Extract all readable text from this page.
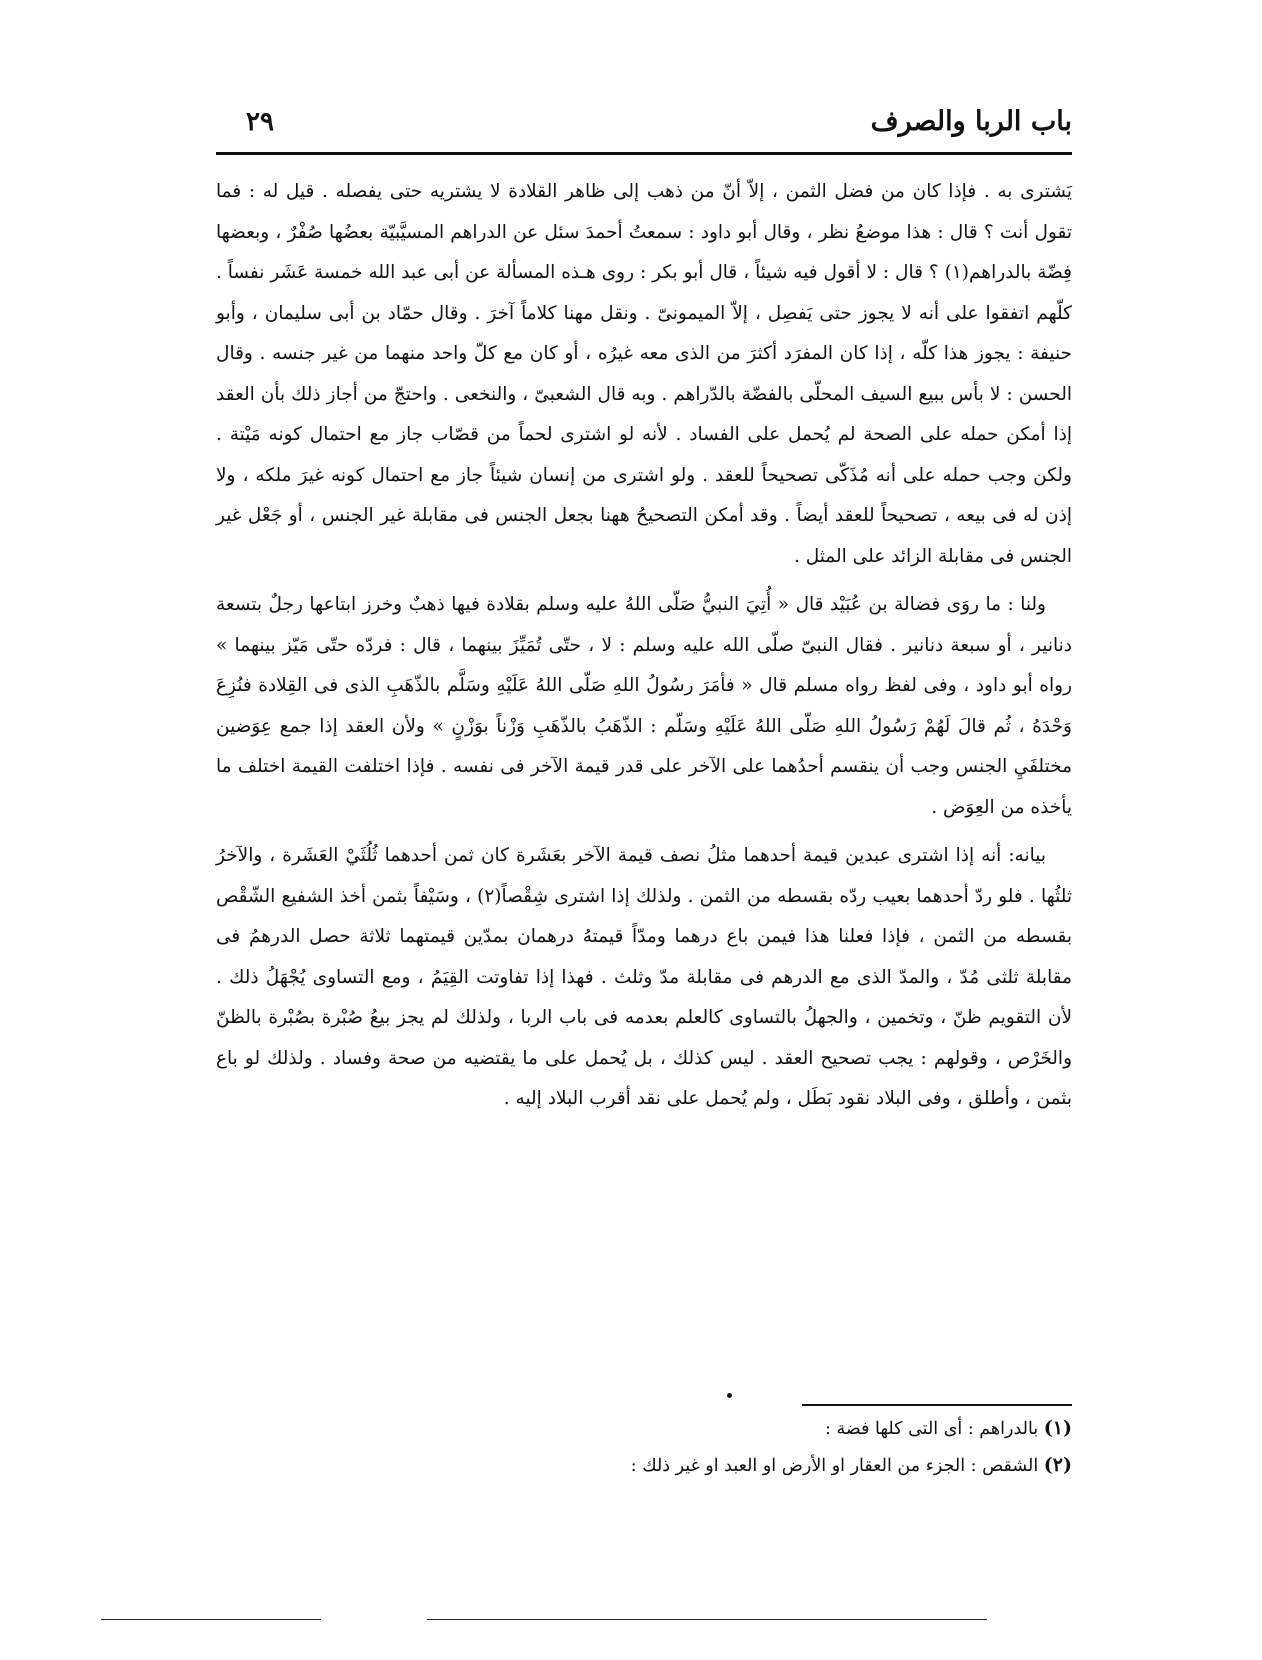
باب الربا والصرف
٢٩

يَشترى به . فإذا كان من فضل الثمن ، إلاّ أنّ من ذهب إلى ظاهر القلادة لا يشتريه حتى يفصله . قيل له : فما تقول أنت ؟ قال : هذا موضعُ نظر ، وقال أبو داود : سمعتُ أحمدَ سئل عن الدراهم المسيَّبيّة بعضُها صُفْرٌ ، وبعضها فِضّة بالدراهم(١) ؟ قال : لا أقول فيه شيئاً ، قال أبو بكر : روى هـذه المسألة عن أبى عبد الله خمسة عَشَر نفساً . كلّهم اتفقوا على أنه لا يجوز حتى يَفصِل ، إلاّ الميمونىّ . ونقل مهنا كلاماً آخرَ . وقال حمّاد بن أبى سليمان ، وأبو حنيفة : يجوز هذا كلّه ، إذا كان المفرَد أكثرَ من الذى معه غيرُه ، أو كان مع كلّ واحد منهما من غير جنسه . وقال الحسن : لا بأس ببيع السيف المحلّى بالفضّة بالدّراهم . وبه قال الشعبىّ ، والنخعى . واحتجّ من أجاز ذلك بأن العقد إذا أمكن حمله على الصحة لم يُحمل على الفساد . لأنه لو اشترى لحماً من قصّاب جاز مع احتمال كونه مَيْتة . ولكن وجب حمله على أنه مُذَكّى تصحيحاً للعقد . ولو اشترى من إنسان شيئاً جاز مع احتمال كونه غيرَ ملكه ، ولا إذن له فى بيعه ، تصحيحاً للعقد أيضاً . وقد أمكن التصحيحُ ههنا بجعل الجنس فى مقابلة غير الجنس ، أو جَعْل غير الجنس فى مقابلة الزائد على المثل .

ولنا : ما روَى فضالة بن عُبَيْد قال « أُتِيَ النبيُّ صَلّى اللهُ عليه وسلم بقلادة فيها ذهبٌ وخرز ابتاعها رجلٌ بتسعة دنانير ، أو سبعة دنانير . فقال النبىّ صلّى الله عليه وسلم : لا ، حتّى تُمَيِّزَ بينهما ، قال : فردّه حتّى مَيّز بينهما » رواه أبو داود ، وفى لفظ رواه مسلم قال « فأمَرَ رسُولُ اللهِ صَلّى اللهُ عَلَيْهِ وسَلَّم بالذّهَبِ الذى فى القِلادة فنُزِعَ وَحْدَهُ ، ثُم قالَ لَهُمْ رَسُولُ اللهِ صَلّى اللهُ عَلَيْهِ وسَلّم : الذّهَبُ بالذّهَبِ وَزْناً بوَزْنٍ » ولأن العقد إذا جمع عِوَضين مختلفَيِ الجنس وجب أن ينقسم أحدُهما على الآخر على قدر قيمة الآخر فى نفسه . فإذا اختلفت القيمة اختلف ما يأخذه من العِوَض .

بيانه: أنه إذا اشترى عبدين قيمة أحدهما مثلُ نصف قيمة الآخر بعَشَرة كان ثمن أحدهما ثُلُثَيْ العَشَرة ، والآخرُ ثلثُها . فلو ردّ أحدهما بعيب ردّه بقسطه من الثمن . ولذلك إذا اشترى شِقْصاً(٢) ، وسَيْفاً بثمن أخذ الشفيع الشّقْص بقسطه من الثمن ، فإذا فعلنا هذا فيمن باع درهما ومدّاً قيمتهُ درهمان بمدّين قيمتهما ثلاثة حصل الدرهمُ فى مقابلة ثلثى مُدّ ، والمدّ الذى مع الدرهم فى مقابلة مدّ وثلث . فهذا إذا تفاوتت القِيَمُ ، ومع التساوى يُجْهَلُ ذلك . لأن التقويم ظنّ ، وتخمين ، والجهلُ بالتساوى كالعلم بعدمه فى باب الربا ، ولذلك لم يجز بيعُ صُبْرة بصُبْرة بالظنّ والخَرْص ، وقولهم : يجب تصحيح العقد . ليس كذلك ، بل يُحمل على ما يقتضيه من صحة وفساد . ولذلك لو باع بثمن ، وأطلق ، وفى البلاد نقود بَطَل ، ولم يُحمل على نقد أقرب البلاد إليه .

(١) بالدراهم : أى التى كلها فضة :

(٢) الشقص : الجزء من العقار او الأرض او العبد او غير ذلك :
